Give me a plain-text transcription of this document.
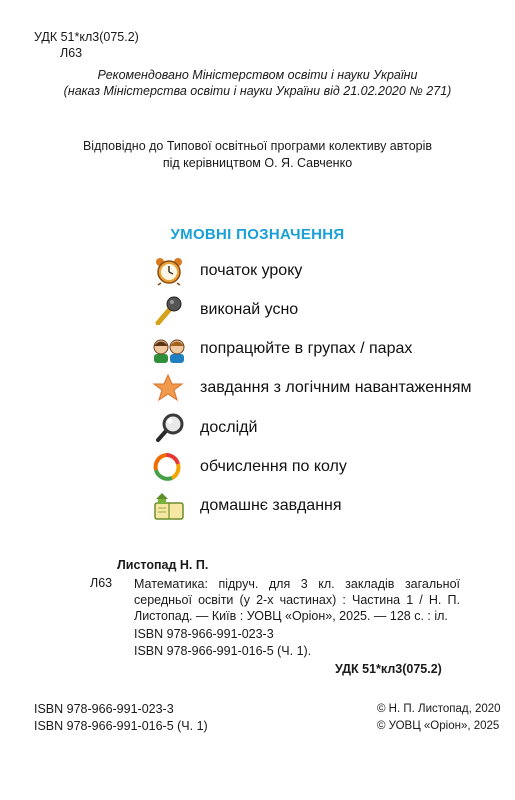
УДК 51*кл3(075.2)
Л63
Рекомендовано Міністерством освіти і науки України
(наказ Міністерства освіти і науки України від 21.02.2020 № 271)
Відповідно до Типової освітньої програми колективу авторів
під керівництвом О. Я. Савченко
УМОВНІ ПОЗНАЧЕННЯ
початок уроку
виконай усно
попрацюйте в групах / парах
завдання з логічним навантаженням
дослідй
обчислення по колу
домашнє завдання
Листопад Н. П.
Л63 Математика: підруч. для 3 кл. закладів загальної середньої освіти (у 2-х частинах) : Частина 1 / Н. П. Листопад. — Київ : УОВЦ «Оріон», 2025. — 128 с. : іл.
ISBN 978-966-991-023-3
ISBN 978-966-991-016-5 (Ч. 1).
УДК 51*кл3(075.2)
ISBN 978-966-991-023-3
ISBN 978-966-991-016-5 (Ч. 1)
© Н. П. Листопад, 2020
© УОВЦ «Оріон», 2025
